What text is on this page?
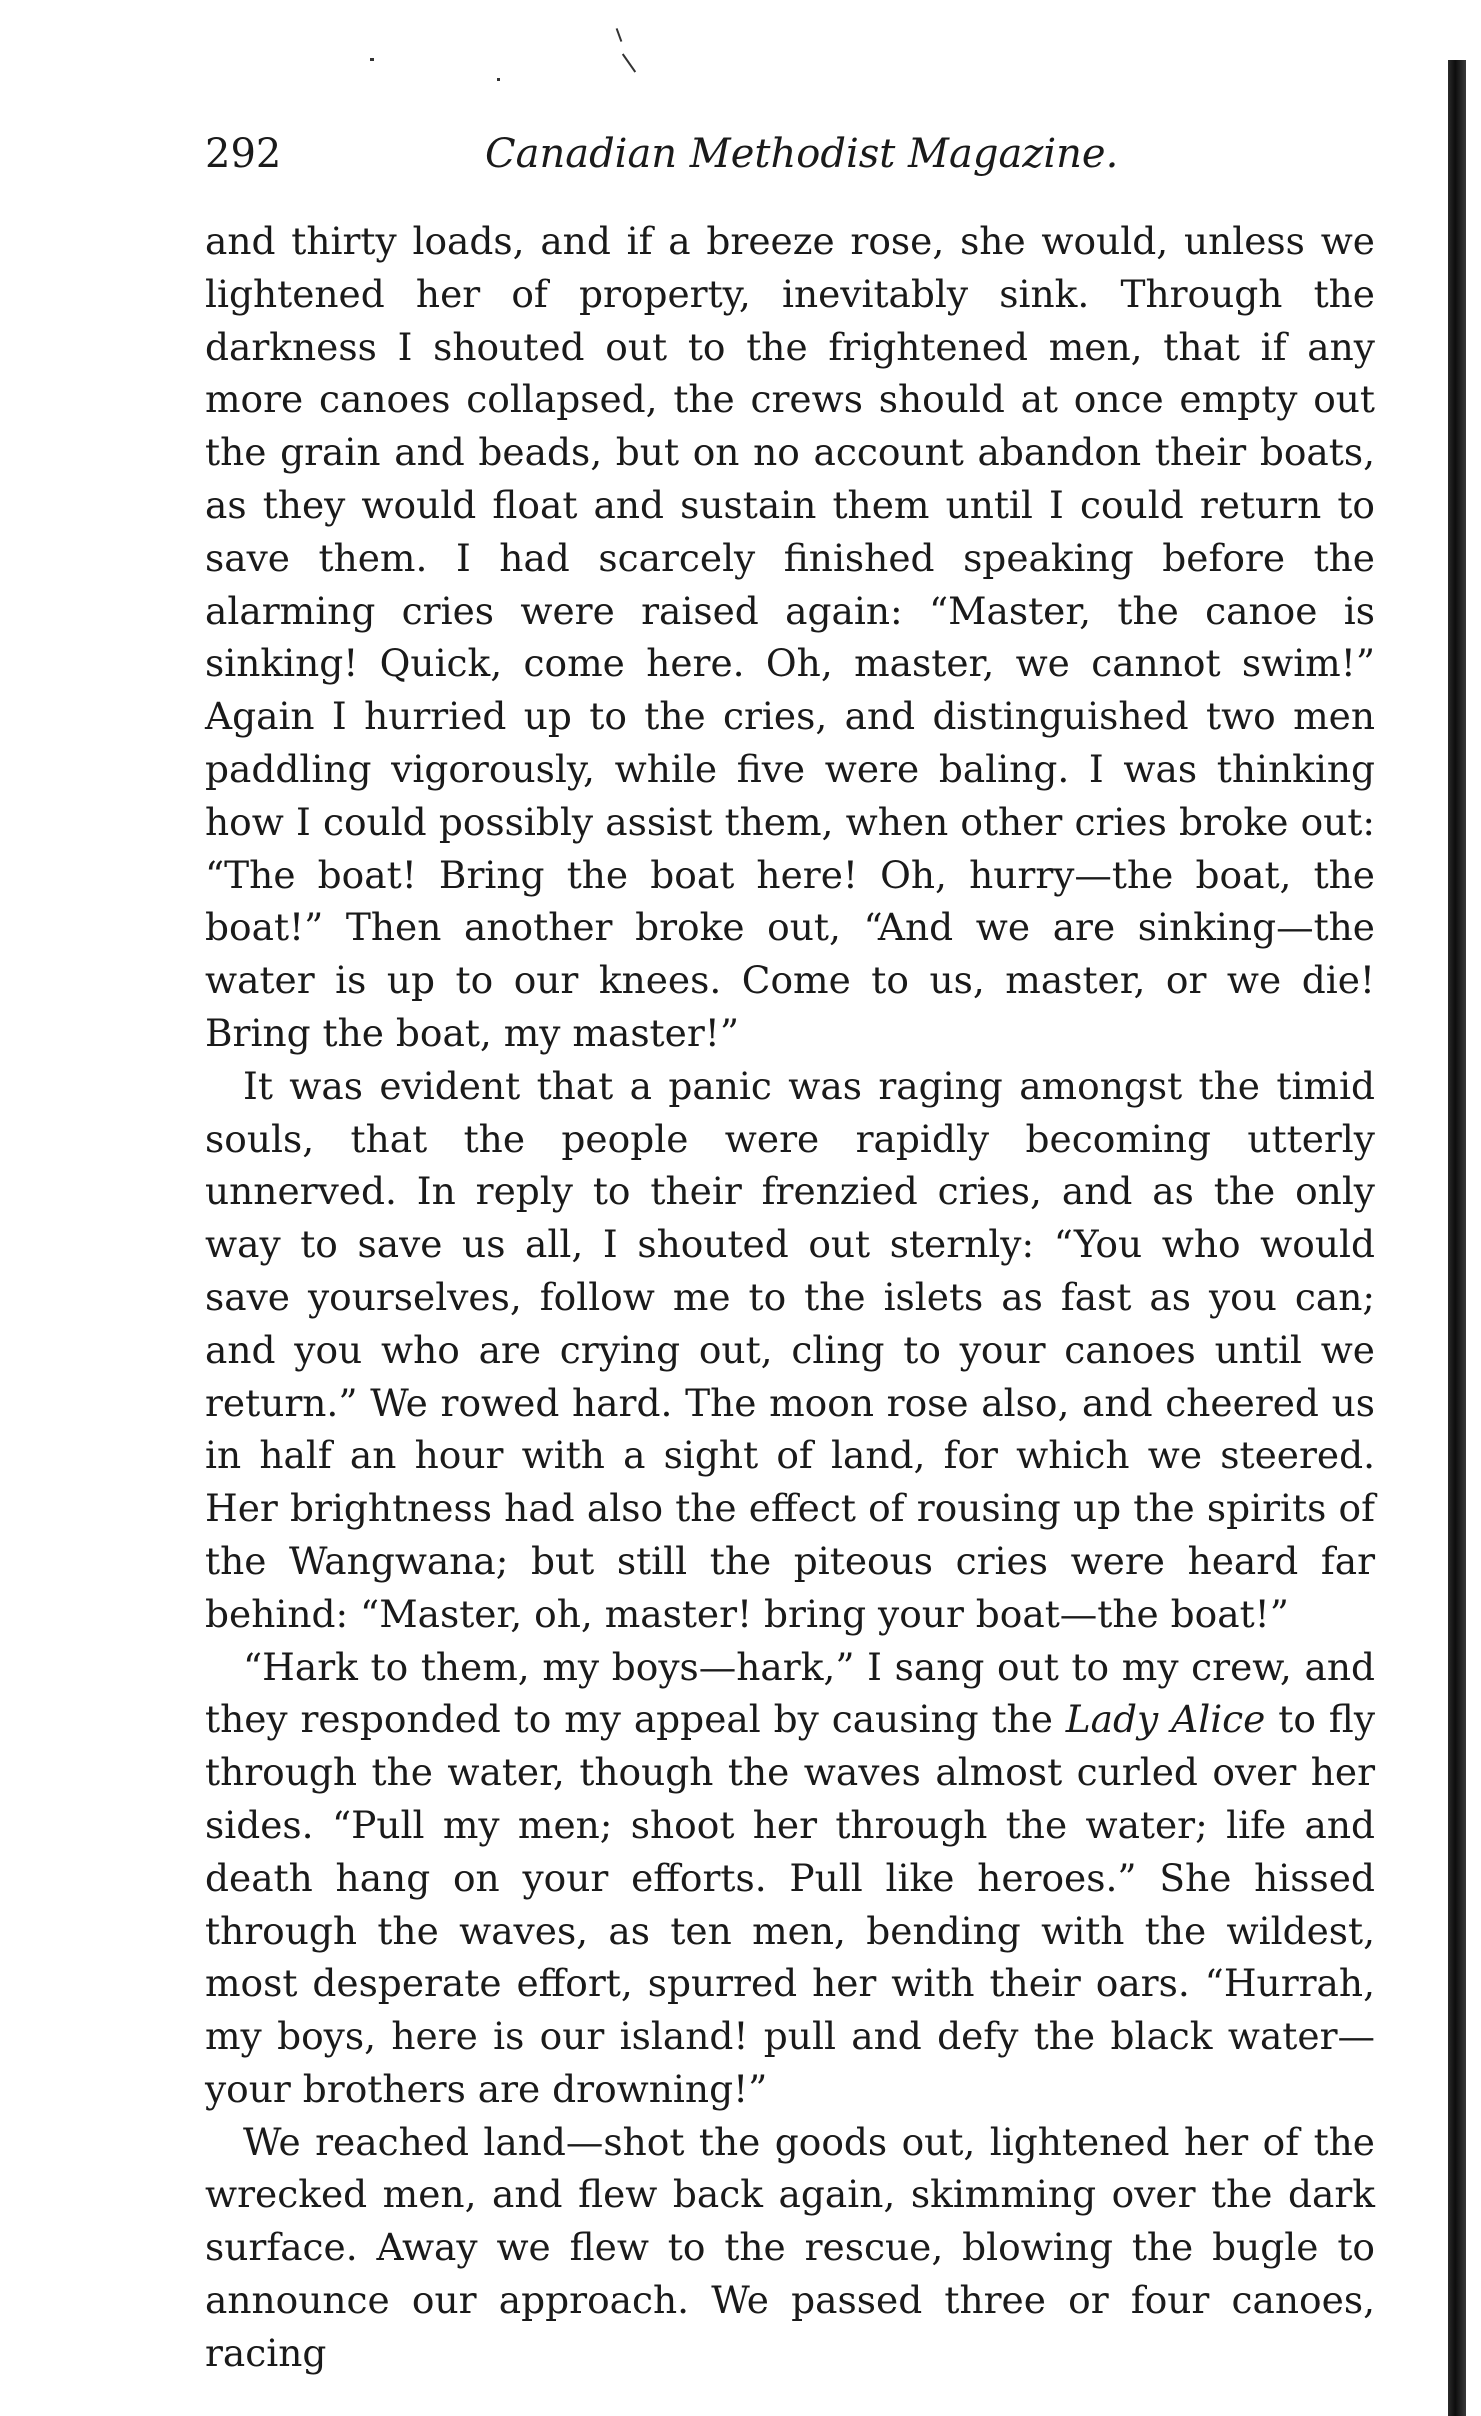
292	Canadian Methodist Magazine.

and thirty loads, and if a breeze rose, she would, unless we lightened her of property, inevitably sink. Through the darkness I shouted out to the frightened men, that if any more canoes collapsed, the crews should at once empty out the grain and beads, but on no account abandon their boats, as they would float and sustain them until I could return to save them. I had scarcely finished speaking before the alarming cries were raised again: “Master, the canoe is sinking! Quick, come here. Oh, master, we cannot swim!” Again I hurried up to the cries, and distinguished two men paddling vigorously, while five were baling. I was thinking how I could possibly assist them, when other cries broke out: “The boat! Bring the boat here! Oh, hurry—the boat, the boat!” Then another broke out, “And we are sinking—the water is up to our knees. Come to us, master, or we die! Bring the boat, my master!”

It was evident that a panic was raging amongst the timid souls, that the people were rapidly becoming utterly unnerved. In reply to their frenzied cries, and as the only way to save us all, I shouted out sternly: “You who would save yourselves, follow me to the islets as fast as you can; and you who are crying out, cling to your canoes until we return.” We rowed hard. The moon rose also, and cheered us in half an hour with a sight of land, for which we steered. Her brightness had also the effect of rousing up the spirits of the Wangwana; but still the piteous cries were heard far behind: “Master, oh, master! bring your boat—the boat!”

“Hark to them, my boys—hark,” I sang out to my crew, and they responded to my appeal by causing the Lady Alice to fly through the water, though the waves almost curled over her sides. “Pull my men; shoot her through the water; life and death hang on your efforts. Pull like heroes.” She hissed through the waves, as ten men, bending with the wildest, most desperate effort, spurred her with their oars. “Hurrah, my boys, here is our island! pull and defy the black water—your brothers are drowning!”

We reached land—shot the goods out, lightened her of the wrecked men, and flew back again, skimming over the dark surface. Away we flew to the rescue, blowing the bugle to announce our approach. We passed three or four canoes, racing
